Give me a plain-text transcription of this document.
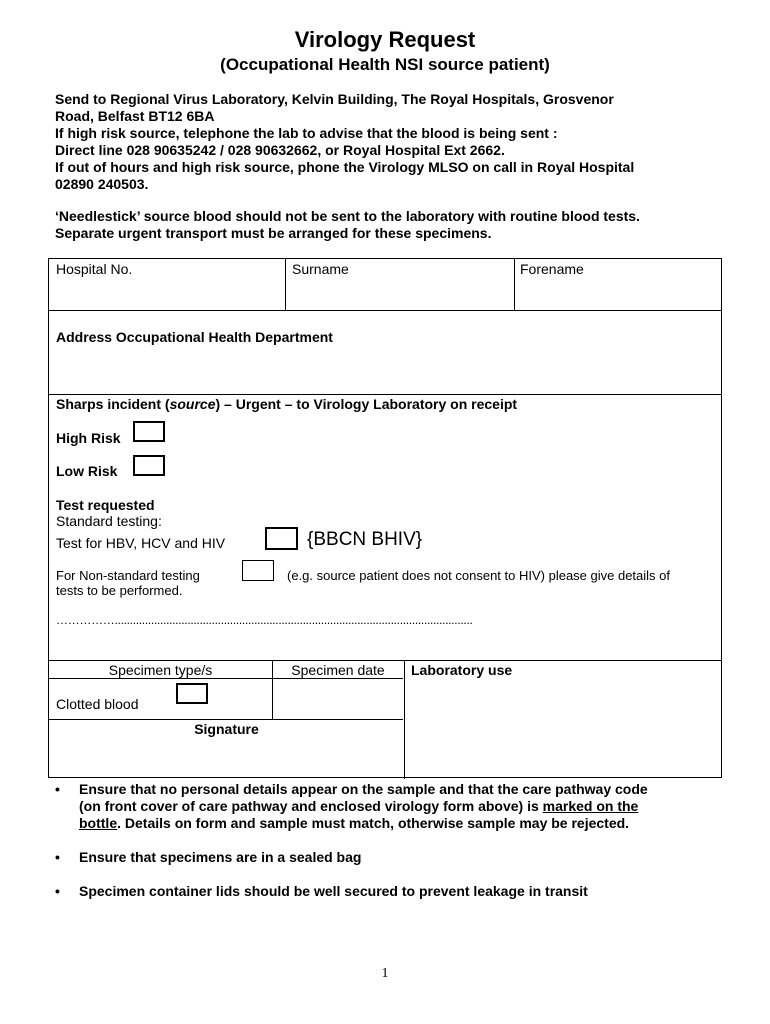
Virology Request
(Occupational Health NSI source patient)

Send to Regional Virus Laboratory, Kelvin Building, The Royal Hospitals, Grosvenor

Road, Belfast BT12 6BA

If high risk source, telephone the lab to advise that the blood is being sent :

Direct line 028 90635242 / 028 90632662, or Royal Hospital Ext 2662.

If out of hours and high risk source, phone the Virology MLSO on call in Royal Hospital

02890 240503.

‘Needlestick’ source blood should not be sent to the laboratory with routine blood tests.

Separate urgent transport must be arranged for these specimens.

Hospital No.	Surname	Forename
Address Occupational Health Department
Sharps incident (source) – Urgent – to Virology Laboratory on receipt
High Risk
Low Risk
Test requested
Standard testing:
Test for HBV, HCV and HIV	{BBCN BHIV}
For Non-standard testing	(e.g. source patient does not consent to HIV) please give details of
tests to be performed.
……………......................................................................................................................
Specimen type/s	Specimen date	Laboratory use
Clotted blood
Signature
• Ensure that no personal details appear on the sample and that the care pathway code
(on front cover of care pathway and enclosed virology form above) is marked on the
bottle. Details on form and sample must match, otherwise sample may be rejected.
• Ensure that specimens are in a sealed bag
• Specimen container lids should be well secured to prevent leakage in transit
1
